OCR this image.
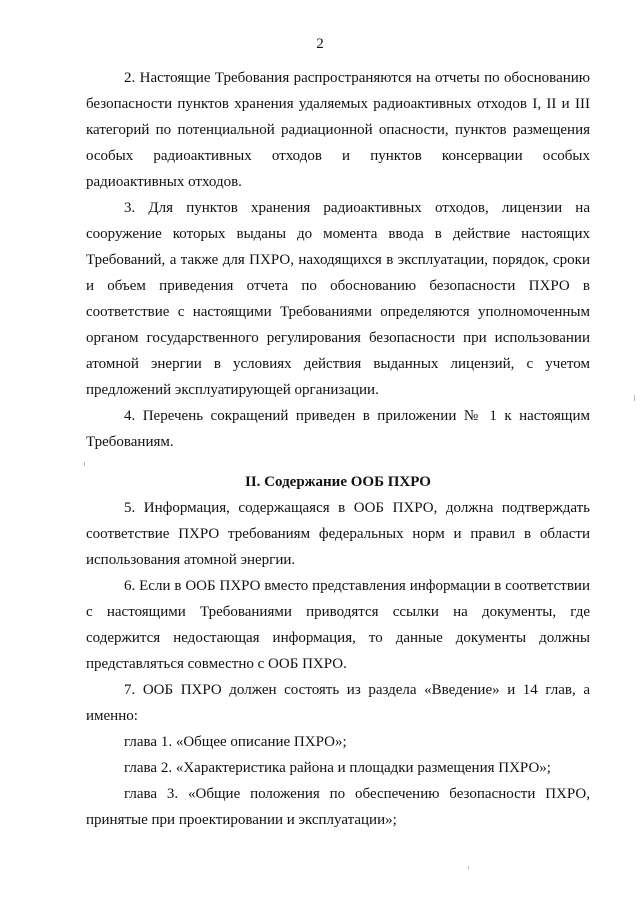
2

2. Настоящие Требования распространяются на отчеты по обоснованию безопасности пунктов хранения удаляемых радиоактивных отходов I, II и III категорий по потенциальной радиационной опасности, пунктов размещения особых радиоактивных отходов и пунктов консервации особых радиоактивных отходов.

3. Для пунктов хранения радиоактивных отходов, лицензии на сооружение которых выданы до момента ввода в действие настоящих Требований, а также для ПХРО, находящихся в эксплуатации, порядок, сроки и объем приведения отчета по обоснованию безопасности ПХРО в соответствие с настоящими Требованиями определяются уполномоченным органом государственного регулирования безопасности при использовании атомной энергии в условиях действия выданных лицензий, с учетом предложений эксплуатирующей организации.

4. Перечень сокращений приведен в приложении № 1 к настоящим Требованиям.

II. Содержание ООБ ПХРО

5. Информация, содержащаяся в ООБ ПХРО, должна подтверждать соответствие ПХРО требованиям федеральных норм и правил в области использования атомной энергии.

6. Если в ООБ ПХРО вместо представления информации в соответствии с настоящими Требованиями приводятся ссылки на документы, где содержится недостающая информация, то данные документы должны представляться совместно с ООБ ПХРО.

7. ООБ ПХРО должен состоять из раздела «Введение» и 14 глав, а именно:

глава 1. «Общее описание ПХРО»;

глава 2. «Характеристика района и площадки размещения ПХРО»;

глава 3. «Общие положения по обеспечению безопасности ПХРО, принятые при проектировании и эксплуатации»;
